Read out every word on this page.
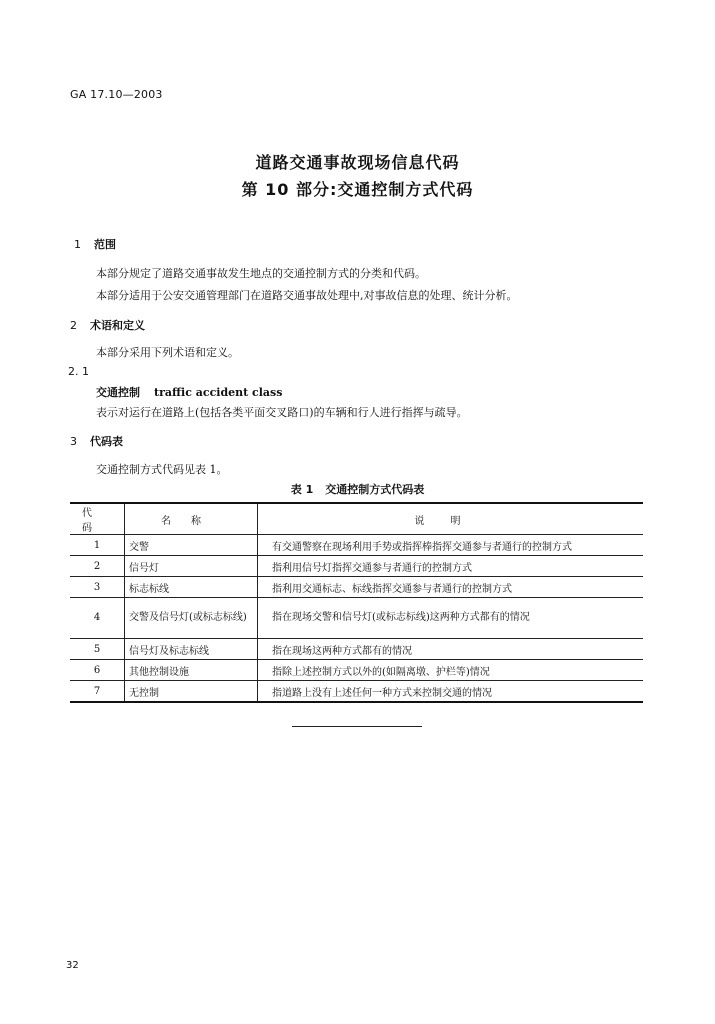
GA 17.10—2003
道路交通事故现场信息代码
第 10 部分:交通控制方式代码
1 范围
本部分规定了道路交通事故发生地点的交通控制方式的分类和代码。
本部分适用于公安交通管理部门在道路交通事故处理中,对事故信息的处理、统计分析。
2 术语和定义
本部分采用下列术语和定义。
2. 1
交通控制 traffic accident class
表示对运行在道路上(包括各类平面交叉路口)的车辆和行人进行指挥与疏导。
3 代码表
交通控制方式代码见表 1。
表 1 交通控制方式代码表
代码	名称	说明
1	交警	有交通警察在现场利用手势或指挥棒指挥交通参与者通行的控制方式
2	信号灯	指利用信号灯指挥交通参与者通行的控制方式
3	标志标线	指利用交通标志、标线指挥交通参与者通行的控制方式
4	交警及信号灯(或标志标线)	指在现场交警和信号灯(或标志标线)这两种方式都有的情况
5	信号灯及标志标线	指在现场这两种方式都有的情况
6	其他控制设施	指除上述控制方式以外的(如隔离墩、护栏等)情况
7	无控制	指道路上没有上述任何一种方式来控制交通的情况
32
